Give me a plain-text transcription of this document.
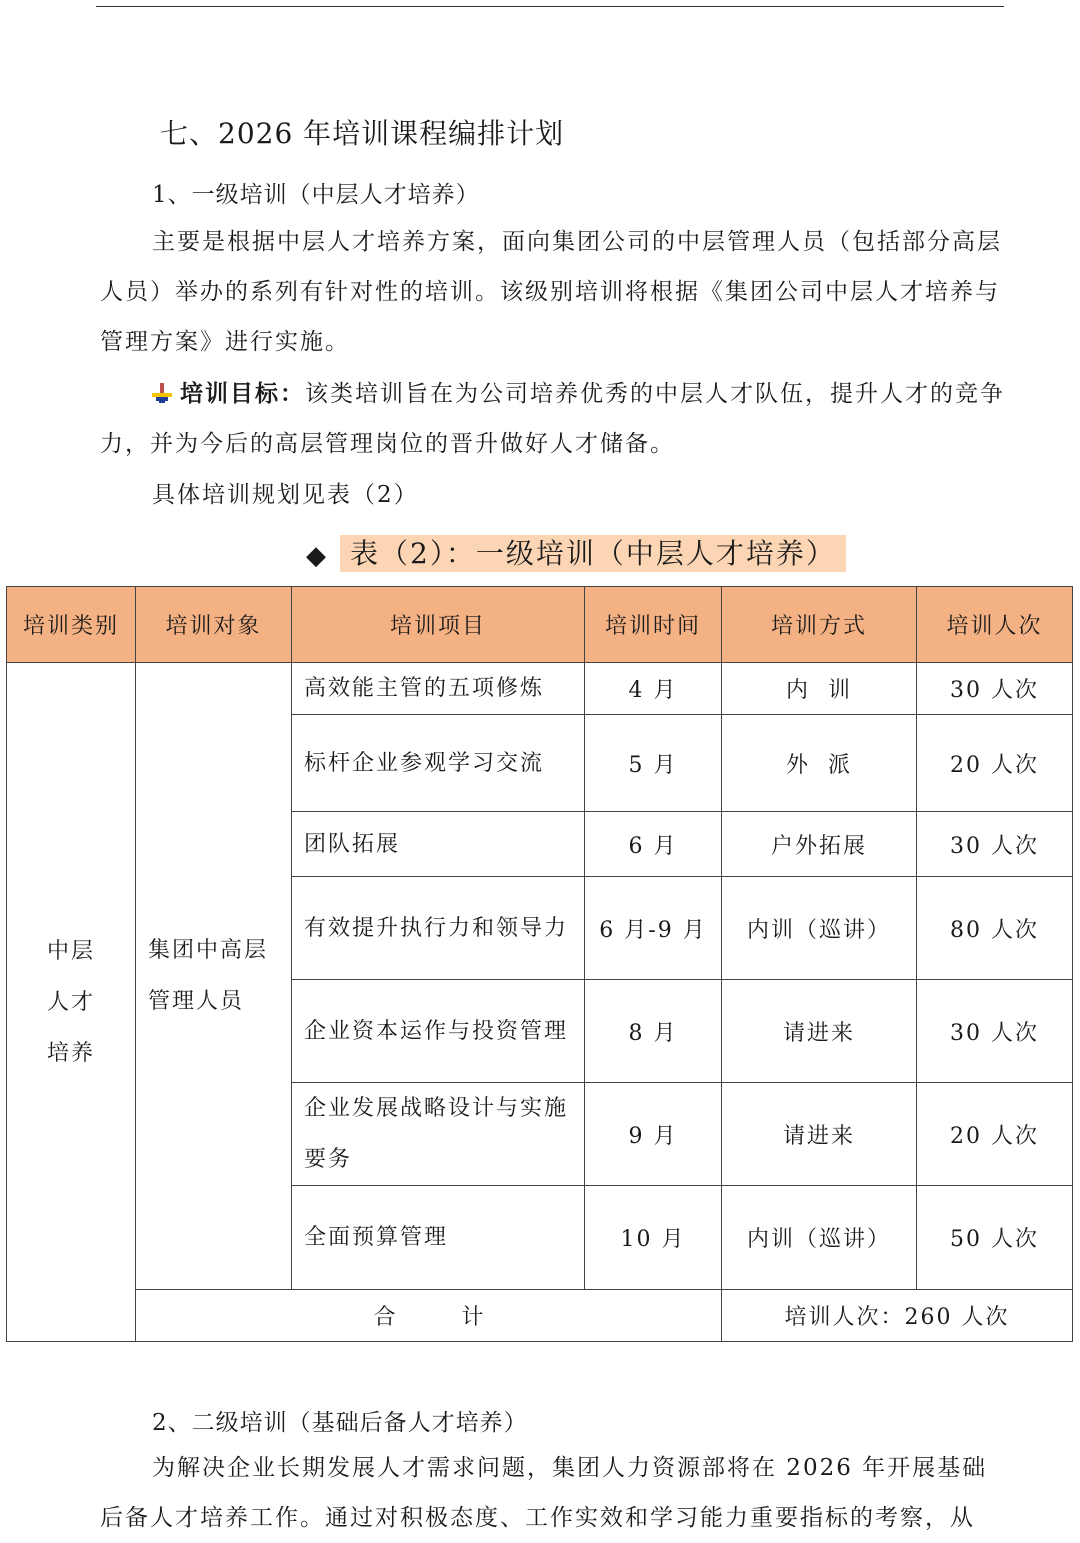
七、2026 年培训课程编排计划
1、一级培训（中层人才培养）
主要是根据中层人才培养方案，面向集团公司的中层管理人员（包括部分高层人员）举办的系列有针对性的培训。该级别培训将根据《集团公司中层人才培养与管理方案》进行实施。
培训目标：该类培训旨在为公司培养优秀的中层人才队伍，提升人才的竞争力，并为今后的高层管理岗位的晋升做好人才储备。
具体培训规划见表（2）
◆ 表（2）：一级培训（中层人才培养）
培训类别	培训对象	培训项目	培训时间	培训方式	培训人次

中层人才培养	集团中高层管理人员	高效能主管的五项修炼	4 月	内  训	30 人次
		标杆企业参观学习交流	5 月	外  派	20 人次
		团队拓展	6 月	户外拓展	30 人次
		有效提升执行力和领导力	6 月-9 月	内训（巡讲）	80 人次
		企业资本运作与投资管理	8 月	请进来	30 人次
		企业发展战略设计与实施要务	9 月	请进来	20 人次
		全面预算管理	10 月	内训（巡讲）	50 人次
	合 计			培训人次：260 人次	
2、二级培训（基础后备人才培养）
为解决企业长期发展人才需求问题，集团人力资源部将在 2026 年开展基础后备人才培养工作。通过对积极态度、工作实效和学习能力重要指标的考察，从
